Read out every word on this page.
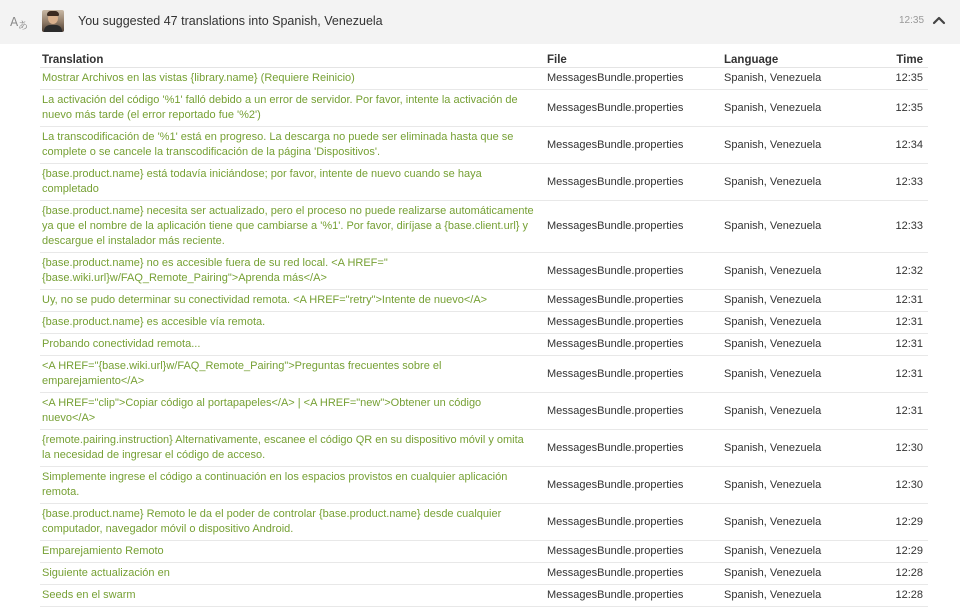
A あ	You suggested 47 translations into Spanish, Venezuela	12:35
Translation	File	Language	Time
Mostrar Archivos en las vistas {library.name} (Requiere Reinicio)	MessagesBundle.properties	Spanish, Venezuela	12:35
La activación del código '%1' falló debido a un error de servidor. Por favor, intente la activación de nuevo más tarde (el error reportado fue '%2')	MessagesBundle.properties	Spanish, Venezuela	12:35
La transcodificación de '%1' está en progreso. La descarga no puede ser eliminada hasta que se complete o se cancele la transcodificación de la página 'Dispositivos'.	MessagesBundle.properties	Spanish, Venezuela	12:34
{base.product.name} está todavía iniciándose; por favor, intente de nuevo cuando se haya completado	MessagesBundle.properties	Spanish, Venezuela	12:33
{base.product.name} necesita ser actualizado, pero el proceso no puede realizarse automáticamente ya que el nombre de la aplicación tiene que cambiarse a '%1'. Por favor, diríjase a {base.client.url} y descargue el instalador más reciente.	MessagesBundle.properties	Spanish, Venezuela	12:33
{base.product.name} no es accesible fuera de su red local. <A HREF="{base.wiki.url}w/FAQ_Remote_Pairing">Aprenda más</A>	MessagesBundle.properties	Spanish, Venezuela	12:32
Uy, no se pudo determinar su conectividad remota. <A HREF="retry">Intente de nuevo</A>	MessagesBundle.properties	Spanish, Venezuela	12:31
{base.product.name} es accesible vía remota.	MessagesBundle.properties	Spanish, Venezuela	12:31
Probando conectividad remota...	MessagesBundle.properties	Spanish, Venezuela	12:31
<A HREF="{base.wiki.url}w/FAQ_Remote_Pairing">Preguntas frecuentes sobre el emparejamiento</A>	MessagesBundle.properties	Spanish, Venezuela	12:31
<A HREF="clip">Copiar código al portapapeles</A> | <A HREF="new">Obtener un código nuevo</A>	MessagesBundle.properties	Spanish, Venezuela	12:31
{remote.pairing.instruction} Alternativamente, escanee el código QR en su dispositivo móvil y omita la necesidad de ingresar el código de acceso.	MessagesBundle.properties	Spanish, Venezuela	12:30
Simplemente ingrese el código a continuación en los espacios provistos en cualquier aplicación remota.	MessagesBundle.properties	Spanish, Venezuela	12:30
{base.product.name} Remoto le da el poder de controlar {base.product.name} desde cualquier computador, navegador móvil o dispositivo Android.	MessagesBundle.properties	Spanish, Venezuela	12:29
Emparejamiento Remoto	MessagesBundle.properties	Spanish, Venezuela	12:29
Siguiente actualización en	MessagesBundle.properties	Spanish, Venezuela	12:28
Seeds en el swarm	MessagesBundle.properties	Spanish, Venezuela	12:28
